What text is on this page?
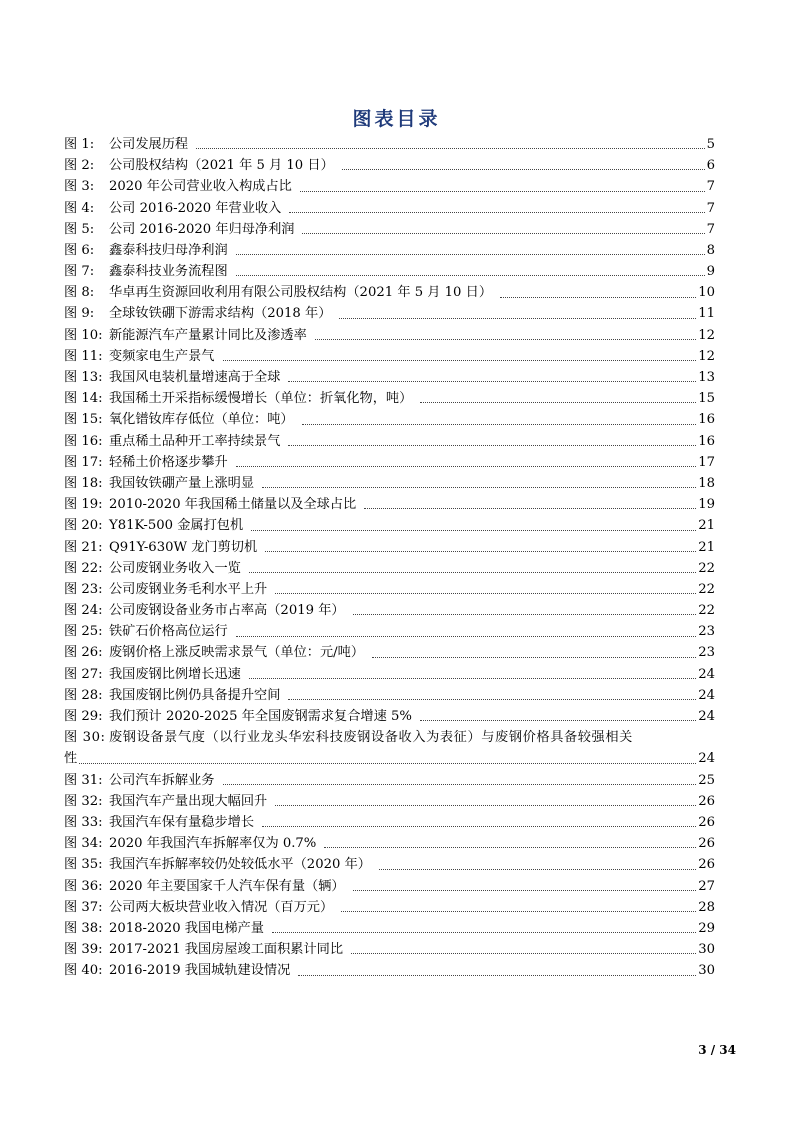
图表目录
图 1: 公司发展历程	5
图 2: 公司股权结构（2021 年 5 月 10 日）	6
图 3: 2020 年公司营业收入构成占比	7
图 4: 公司 2016-2020 年营业收入	7
图 5: 公司 2016-2020 年归母净利润	7
图 6: 鑫泰科技归母净利润	8
图 7: 鑫泰科技业务流程图	9
图 8: 华卓再生资源回收利用有限公司股权结构（2021 年 5 月 10 日）	10
图 9: 全球钕铁硼下游需求结构（2018 年）	11
图 10: 新能源汽车产量累计同比及渗透率	12
图 11: 变频家电生产景气	12
图 13: 我国风电装机量增速高于全球	13
图 14: 我国稀土开采指标缓慢增长（单位：折氧化物，吨）	15
图 15: 氧化镨钕库存低位（单位：吨）	16
图 16: 重点稀土品种开工率持续景气	16
图 17: 轻稀土价格逐步攀升	17
图 18: 我国钕铁硼产量上涨明显	18
图 19: 2010-2020 年我国稀土储量以及全球占比	19
图 20: Y81K-500 金属打包机	21
图 21: Q91Y-630W 龙门剪切机	21
图 22: 公司废钢业务收入一览	22
图 23: 公司废钢业务毛利水平上升	22
图 24: 公司废钢设备业务市占率高（2019 年）	22
图 25: 铁矿石价格高位运行	23
图 26: 废钢价格上涨反映需求景气（单位：元/吨）	23
图 27: 我国废钢比例增长迅速	24
图 28: 我国废钢比例仍具备提升空间	24
图 29: 我们预计 2020-2025 年全国废钢需求复合增速 5%	24
图 30: 废钢设备景气度（以行业龙头华宏科技废钢设备收入为表征）与废钢价格具备较强相关
性	24
图 31: 公司汽车拆解业务	25
图 32: 我国汽车产量出现大幅回升	26
图 33: 我国汽车保有量稳步增长	26
图 34: 2020 年我国汽车拆解率仅为 0.7%	26
图 35: 我国汽车拆解率较仍处较低水平（2020 年）	26
图 36: 2020 年主要国家千人汽车保有量（辆）	27
图 37: 公司两大板块营业收入情况（百万元）	28
图 38: 2018-2020 我国电梯产量	29
图 39: 2017-2021 我国房屋竣工面积累计同比	30
图 40: 2016-2019 我国城轨建设情况	30
3 / 34
